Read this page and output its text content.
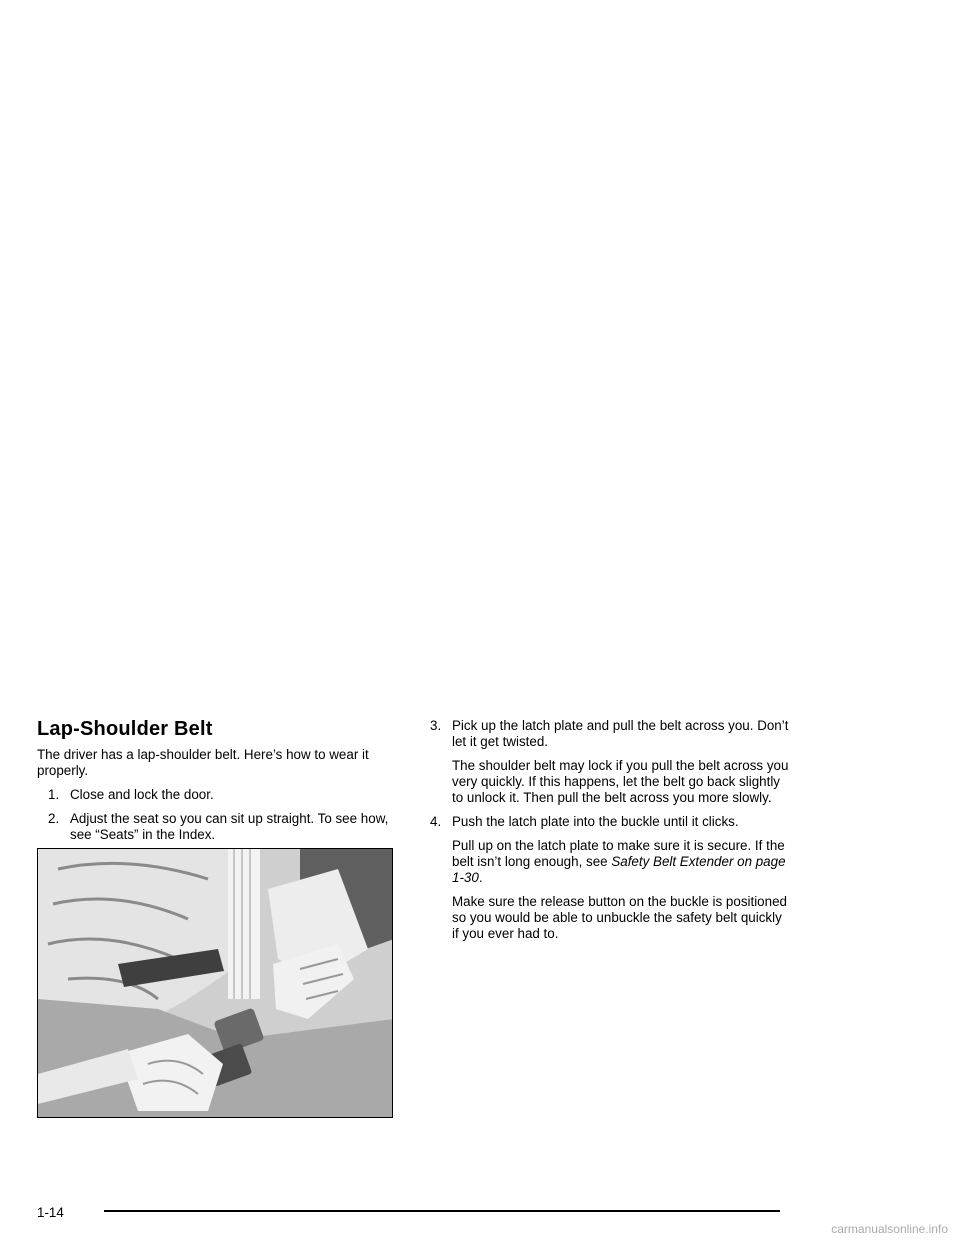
Lap-Shoulder Belt

The driver has a lap-shoulder belt. Here’s how to wear it properly.

1. Close and lock the door.
2. Adjust the seat so you can sit up straight. To see how, see “Seats” in the Index.
3. Pick up the latch plate and pull the belt across you. Don’t let it get twisted.

The shoulder belt may lock if you pull the belt across you very quickly. If this happens, let the belt go back slightly to unlock it. Then pull the belt across you more slowly.

4. Push the latch plate into the buckle until it clicks.

Pull up on the latch plate to make sure it is secure. If the belt isn’t long enough, see Safety Belt Extender on page 1-30.

Make sure the release button on the buckle is positioned so you would be able to unbuckle the safety belt quickly if you ever had to.

1-14
carmanualsonline.info
